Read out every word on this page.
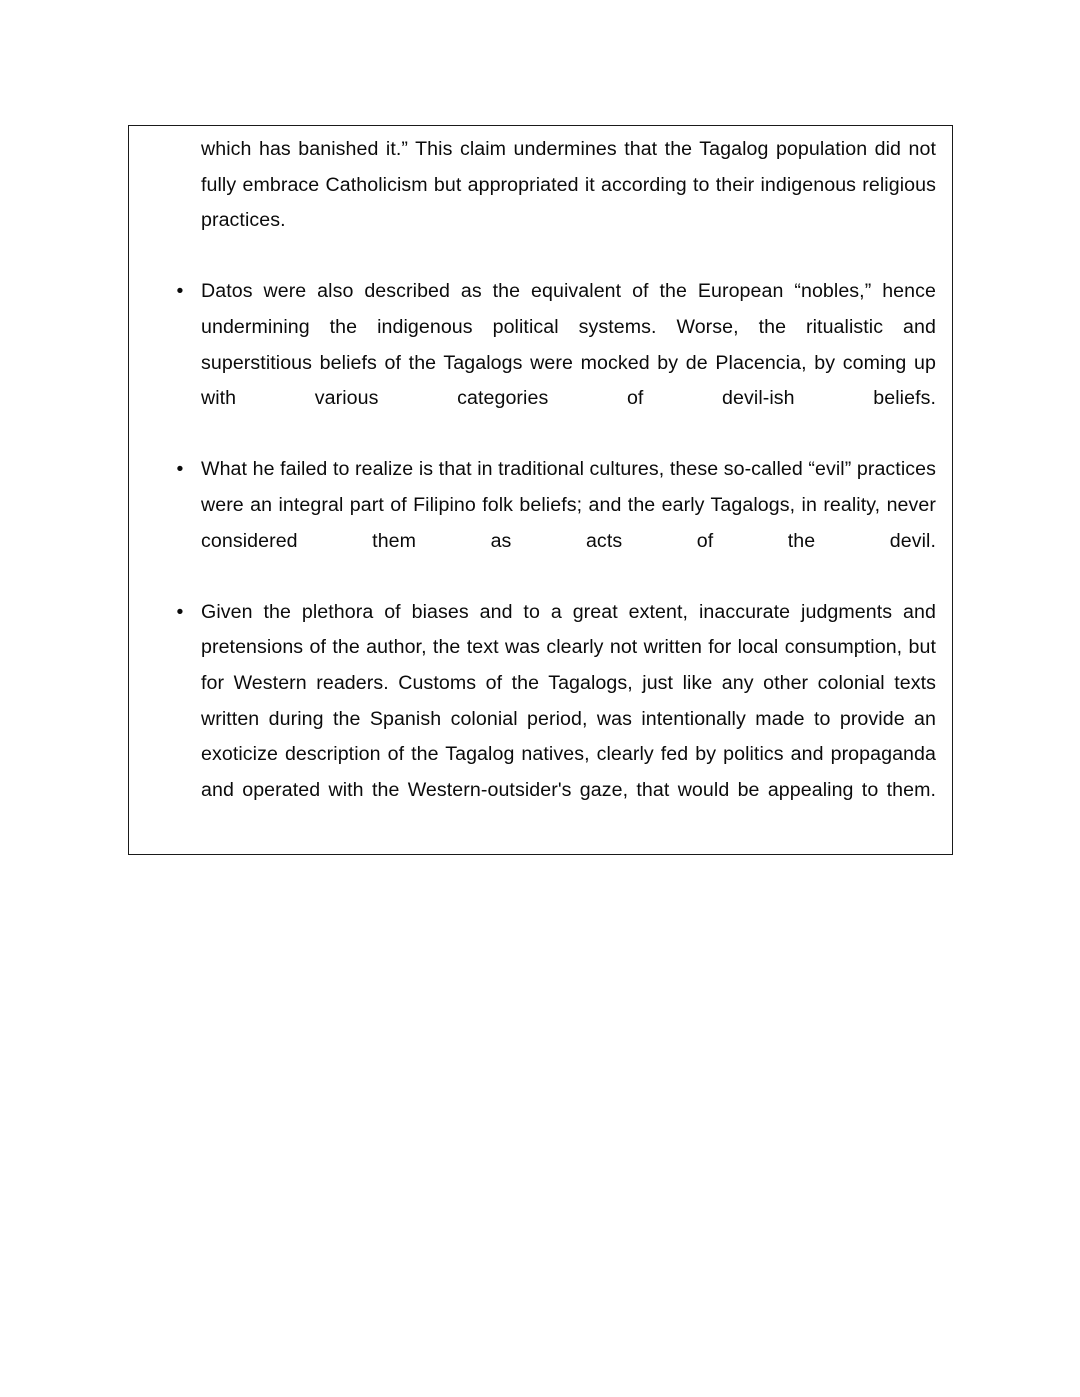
which has banished it.” This claim undermines that the Tagalog population did not fully embrace Catholicism but appropriated it according to their indigenous religious practices.

• Datos were also described as the equivalent of the European “nobles,” hence undermining the indigenous political systems. Worse, the ritualistic and superstitious beliefs of the Tagalogs were mocked by de Placencia, by coming up with various categories of devil-ish beliefs.
• What he failed to realize is that in traditional cultures, these so-called “evil” practices were an integral part of Filipino folk beliefs; and the early Tagalogs, in reality, never considered them as acts of the devil.
• Given the plethora of biases and to a great extent, inaccurate judgments and pretensions of the author, the text was clearly not written for local consumption, but for Western readers. Customs of the Tagalogs, just like any other colonial texts written during the Spanish colonial period, was intentionally made to provide an exoticize description of the Tagalog natives, clearly fed by politics and propaganda and operated with the Western-outsider's gaze, that would be appealing to them.
